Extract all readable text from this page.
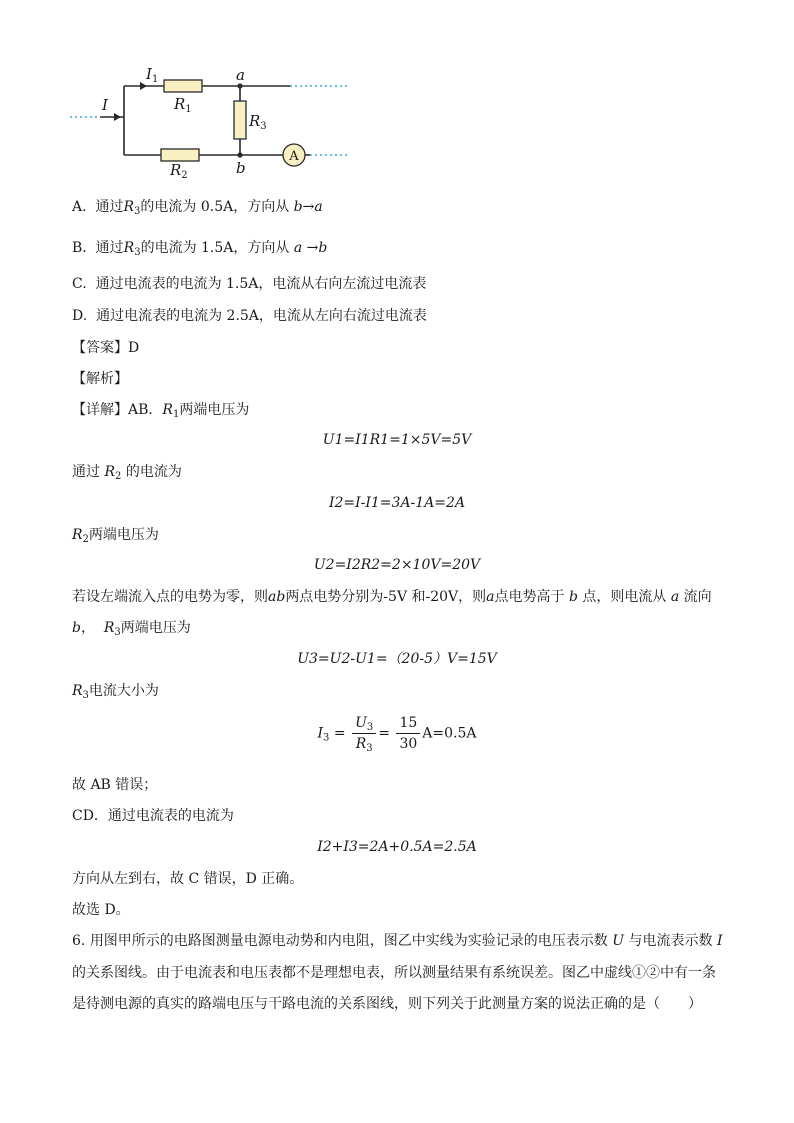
A
I
$I_1$
$R_1$
$R_2$
$R_3$
a
b
A. 通过$R_3$的电流为 0.5A，方向从 b→a
B. 通过$R_3$的电流为 1.5A，方向从 a →b
C. 通过电流表的电流为 1.5A，电流从右向左流过电流表
D. 通过电流表的电流为 2.5A，电流从左向右流过电流表
【答案】D
【解析】
【详解】AB．$R_1$两端电压为
U1=I1R1=1×5V=5V
通过 $R_2$ 的电流为
I2=I-I1=3A-1A=2A
$R_2$两端电压为
U2=I2R2=2×10V=20V
若设左端流入点的电势为零，则ab两点电势分别为-5V 和-20V，则a点电势高于 b 点，则电流从 a 流向
b， $R_3$两端电压为
U3=U2-U1=（20-5）V=15V
$R_3$电流大小为
$I_3 = \frac{U_3}{R_3} = \frac{15}{30} A=0.5A$
故 AB 错误；
CD．通过电流表的电流为
I2+I3=2A+0.5A=2.5A
方向从左到右，故 C 错误，D 正确。
故选 D。
6. 用图甲所示的电路图测量电源电动势和内电阻，图乙中实线为实验记录的电压表示数 U 与电流表示数 I
的关系图线。由于电流表和电压表都不是理想电表，所以测量结果有系统误差。图乙中虚线①②中有一条
是待测电源的真实的路端电压与干路电流的关系图线，则下列关于此测量方案的说法正确的是（　　）
